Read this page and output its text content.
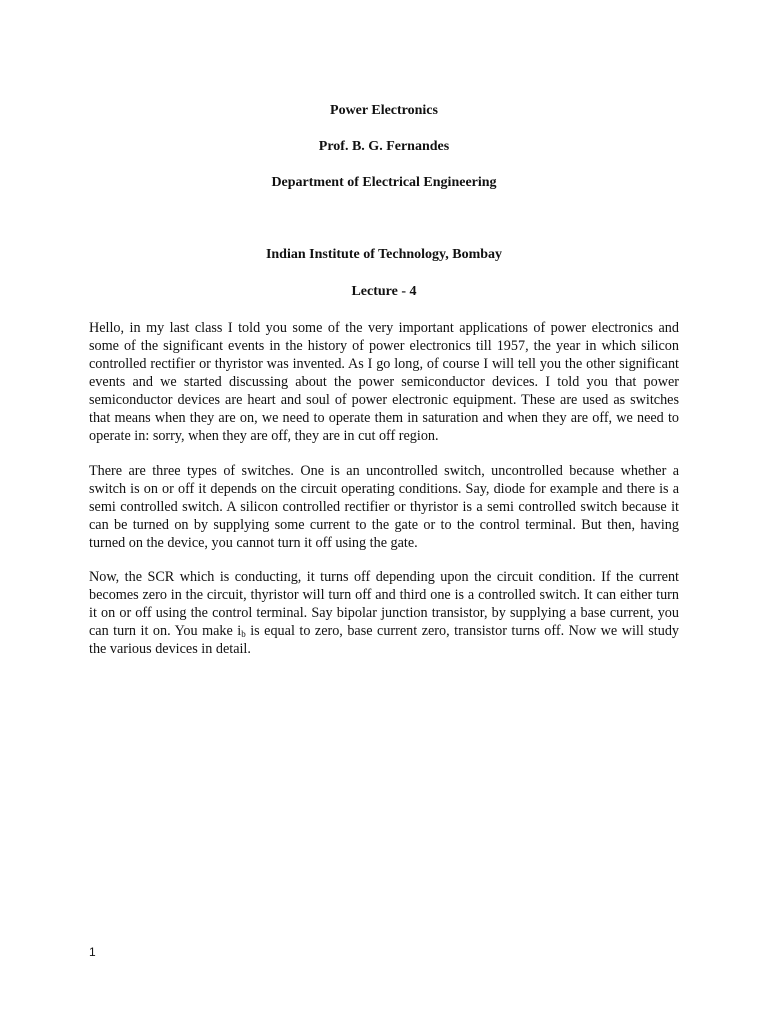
Power Electronics
Prof. B. G. Fernandes
Department of Electrical Engineering
Indian Institute of Technology, Bombay
Lecture - 4

Hello, in my last class I told you some of the very important applications of power electronics and some of the significant events in the history of power electronics till 1957, the year in which silicon controlled rectifier or thyristor was invented. As I go long, of course I will tell you the other significant events and we started discussing about the power semiconductor devices. I told you that power semiconductor devices are heart and soul of power electronic equipment. These are used as switches that means when they are on, we need to operate them in saturation and when they are off, we need to operate in: sorry, when they are off, they are in cut off region.

There are three types of switches. One is an uncontrolled switch, uncontrolled because whether a switch is on or off it depends on the circuit operating conditions. Say, diode for example and there is a semi controlled switch. A silicon controlled rectifier or thyristor is a semi controlled switch because it can be turned on by supplying some current to the gate or to the control terminal. But then, having turned on the device, you cannot turn it off using the gate.

Now, the SCR which is conducting, it turns off depending upon the circuit condition. If the current becomes zero in the circuit, thyristor will turn off and third one is a controlled switch. It can either turn it on or off using the control terminal. Say bipolar junction transistor, by supplying a base current, you can turn it on. You make $i_b$ is equal to zero, base current zero, transistor turns off. Now we will study the various devices in detail.

1
